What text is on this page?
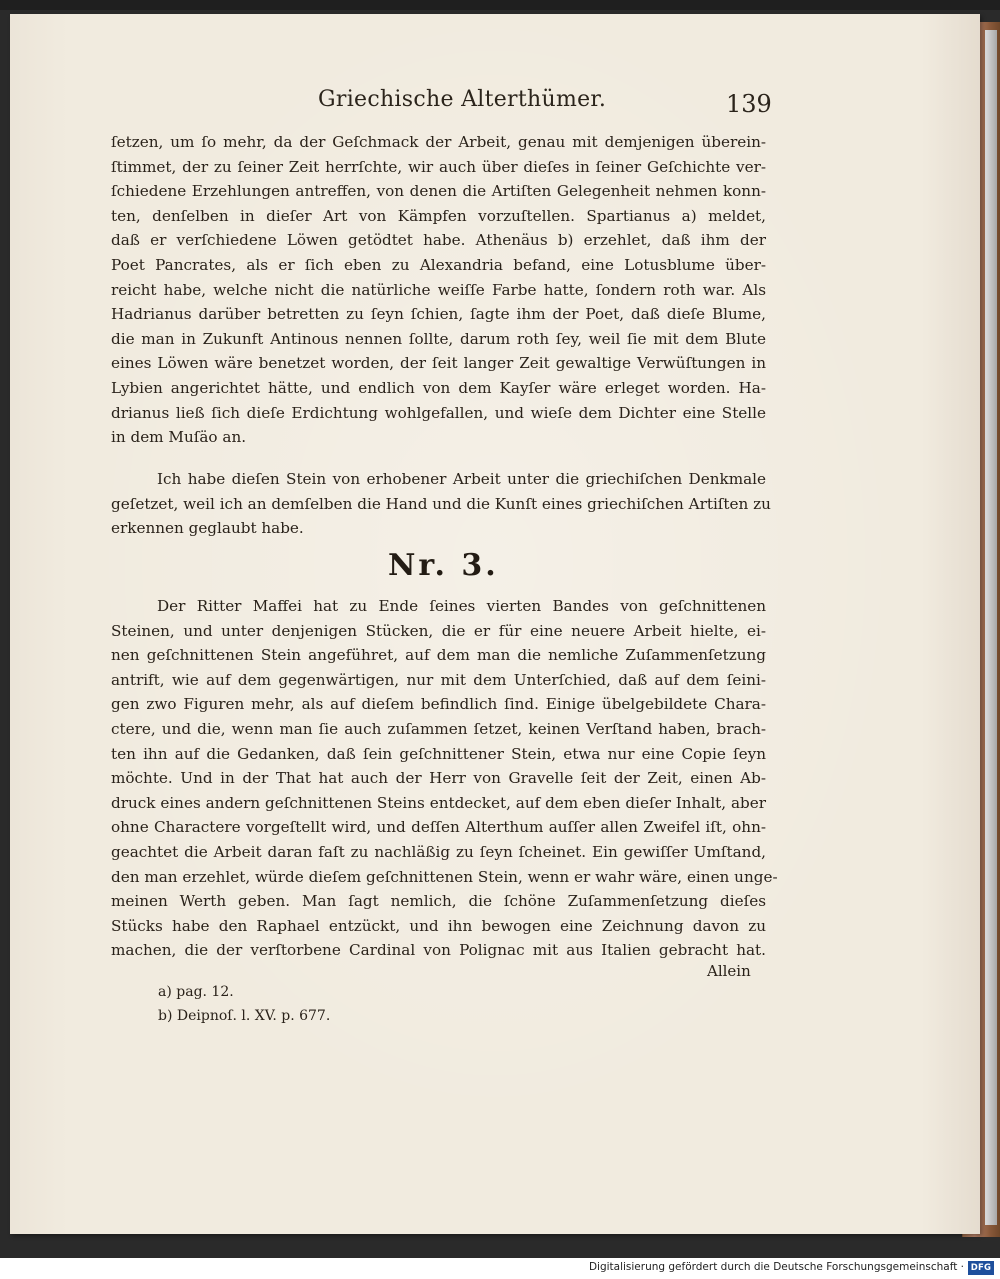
Griechische Alterthümer.	139
ſetzen, um ſo mehr, da der Geſchmack der Arbeit, genau mit demjenigen überein-
ſtimmet, der zu ſeiner Zeit herrſchte, wir auch über dieſes in ſeiner Geſchichte ver-
ſchiedene Erzehlungen antreffen, von denen die Artiſten Gelegenheit nehmen konn-
ten, denſelben in dieſer Art von Kämpfen vorzuſtellen. Spartianus a) meldet,
daß er verſchiedene Löwen getödtet habe. Athenäus b) erzehlet, daß ihm der
Poet Pancrates, als er ſich eben zu Alexandria befand, eine Lotusblume über-
reicht habe, welche nicht die natürliche weiſſe Farbe hatte, ſondern roth war. Als
Hadrianus darüber betretten zu ſeyn ſchien, ſagte ihm der Poet, daß dieſe Blume,
die man in Zukunft Antinous nennen ſollte, darum roth ſey, weil ſie mit dem Blute
eines Löwen wäre benetzet worden, der ſeit langer Zeit gewaltige Verwüſtungen in
Lybien angerichtet hätte, und endlich von dem Kayſer wäre erleget worden. Ha-
drianus ließ ſich dieſe Erdichtung wohlgefallen, und wieſe dem Dichter eine Stelle
in dem Muſäo an.
Ich habe dieſen Stein von erhobener Arbeit unter die griechiſchen Denkmale
geſetzet, weil ich an demſelben die Hand und die Kunſt eines griechiſchen Artiſten zu
erkennen geglaubt habe.
Nr. 3.
Der Ritter Maffei hat zu Ende ſeines vierten Bandes von geſchnittenen
Steinen, und unter denjenigen Stücken, die er für eine neuere Arbeit hielte, ei-
nen geſchnittenen Stein angeführet, auf dem man die nemliche Zuſammenſetzung
antrift, wie auf dem gegenwärtigen, nur mit dem Unterſchied, daß auf dem ſeini-
gen zwo Figuren mehr, als auf dieſem befindlich ſind. Einige übelgebildete Chara-
ctere, und die, wenn man ſie auch zuſammen ſetzet, keinen Verſtand haben, brach-
ten ihn auf die Gedanken, daß ſein geſchnittener Stein, etwa nur eine Copie ſeyn
möchte. Und in der That hat auch der Herr von Gravelle ſeit der Zeit, einen Ab-
druck eines andern geſchnittenen Steins entdecket, auf dem eben dieſer Inhalt, aber
ohne Charactere vorgeſtellt wird, und deſſen Alterthum auſſer allen Zweifel iſt, ohn-
geachtet die Arbeit daran faſt zu nachläßig zu ſeyn ſcheinet. Ein gewiſſer Umſtand,
den man erzehlet, würde dieſem geſchnittenen Stein, wenn er wahr wäre, einen unge-
meinen Werth geben. Man ſagt nemlich, die ſchöne Zuſammenſetzung dieſes
Stücks habe den Raphael entzückt, und ihn bewogen eine Zeichnung davon zu
machen, die der verſtorbene Cardinal von Polignac mit aus Italien gebracht hat.
Allein
a) pag. 12.
b) Deipnoſ. l. XV. p. 677.
Digitalisierung gefördert durch die Deutsche Forschungsgemeinschaft · DFG
